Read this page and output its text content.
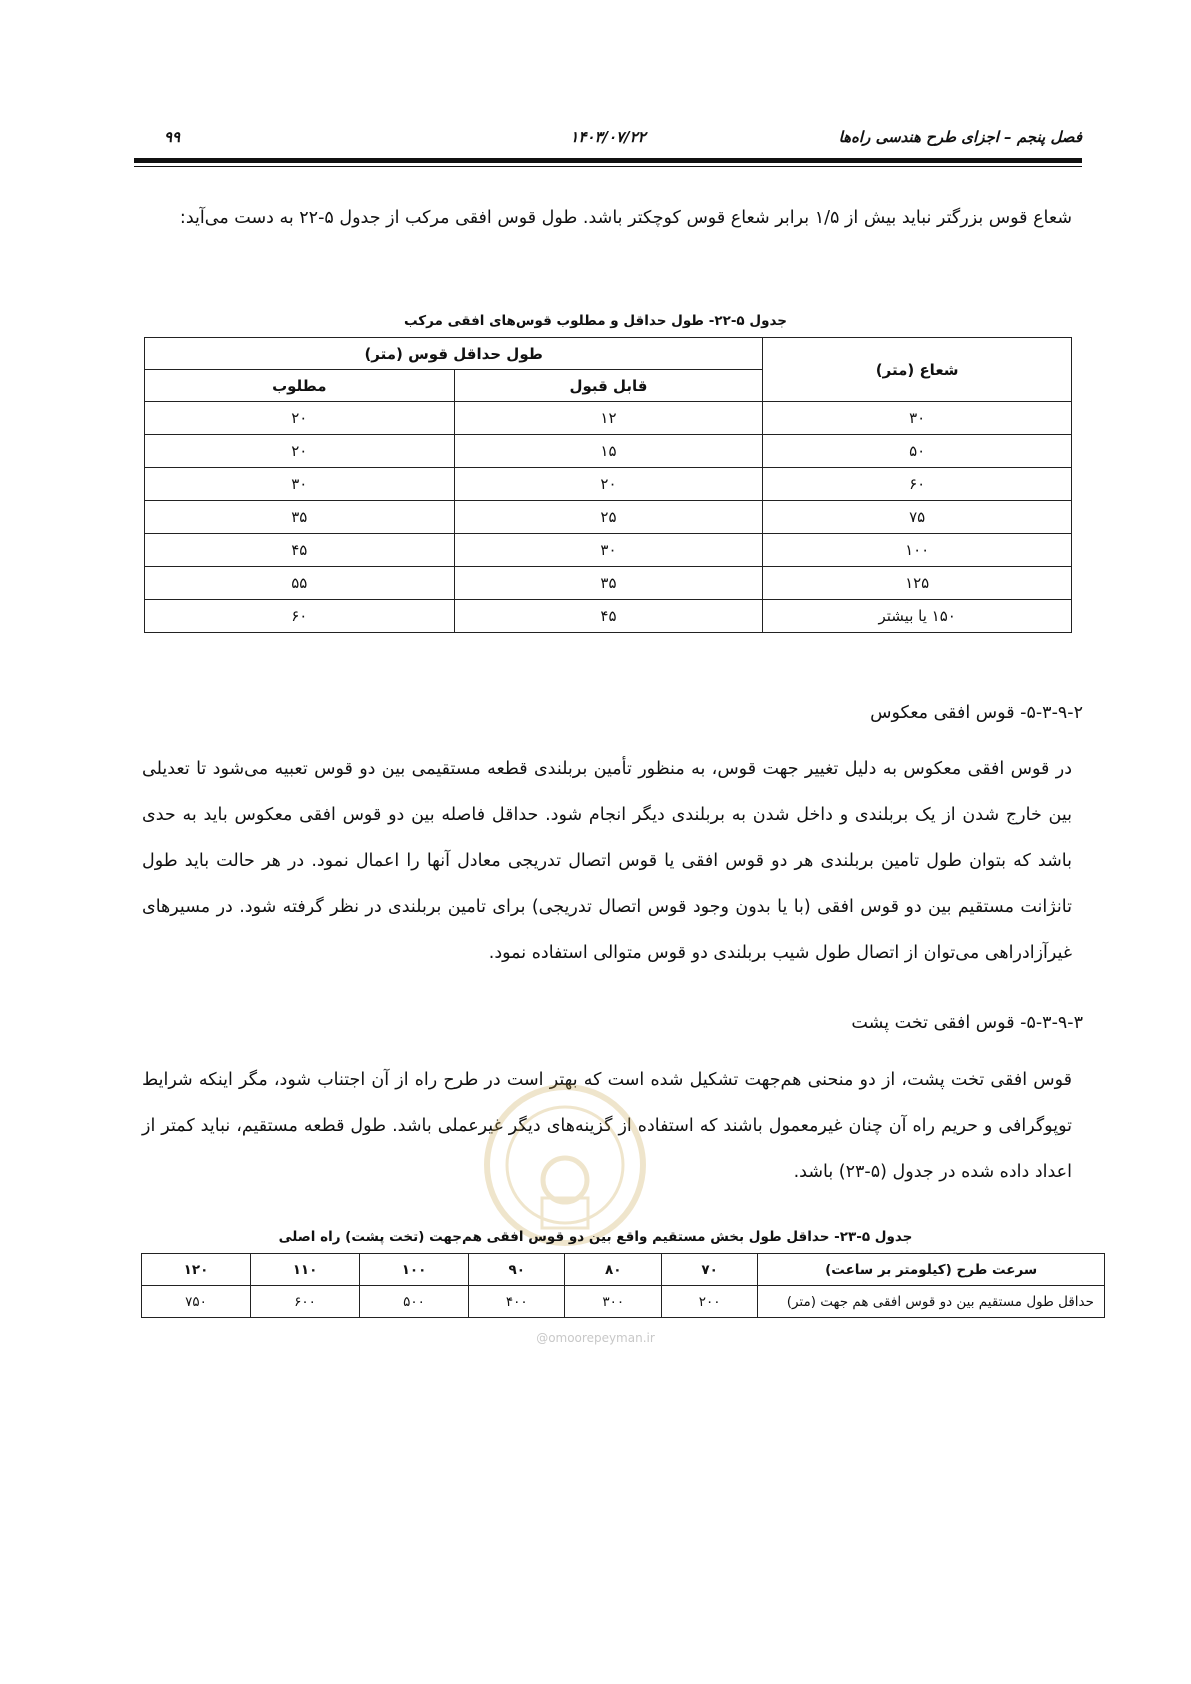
فصل پنجم – اجزای طرح هندسی راه‌ها
۱۴۰۳/۰۷/۲۲
۹۹

شعاع قوس بزرگتر نباید بیش از ۱/۵ برابر شعاع قوس کوچکتر باشد. طول قوس افقی مرکب از جدول ۵-۲۲ به دست می‌آید:

جدول ۵-۲۲- طول حداقل و مطلوب قوس‌های افقی مرکب
شعاع (متر)	طول حداقل قوس (متر)	
	قابل قبول	مطلوب
۳۰	۱۲	۲۰
۵۰	۱۵	۲۰
۶۰	۲۰	۳۰
۷۵	۲۵	۳۵
۱۰۰	۳۰	۴۵
۱۲۵	۳۵	۵۵
۱۵۰ یا بیشتر	۴۵	۶۰
۵-۳-۹-۲- قوس افقی معکوس

در قوس افقی معکوس به دلیل تغییر جهت قوس، به منظور تأمین بربلندی قطعه مستقیمی بین دو قوس تعبیه می‌شود تا تعدیلی بین خارج شدن از یک بربلندی و داخل شدن به بربلندی دیگر انجام شود. حداقل فاصله بین دو قوس افقی معکوس باید به حدی باشد که بتوان طول تامین بربلندی هر دو قوس افقی یا قوس اتصال تدریجی معادل آنها را اعمال نمود. در هر حالت باید طول تانژانت مستقیم بین دو قوس افقی (با یا بدون وجود قوس اتصال تدریجی) برای تامین بربلندی در نظر گرفته شود. در مسیرهای غیرآزادراهی می‌توان از اتصال طول شیب بربلندی دو قوس متوالی استفاده نمود.

۵-۳-۹-۳- قوس افقی تخت پشت

قوس افقی تخت پشت، از دو منحنی هم‌جهت تشکیل شده است که بهتر است در طرح راه از آن اجتناب شود، مگر اینکه شرایط توپوگرافی و حریم راه آن چنان غیرمعمول باشند که استفاده از گزینه‌های دیگر غیرعملی باشد. طول قطعه مستقیم، نباید کمتر از اعداد داده شده در جدول (۵-۲۳) باشد.

جدول ۵-۲۳- حداقل طول بخش مستقیم واقع بین دو قوس افقی هم‌جهت (تخت پشت) راه اصلی
سرعت طرح (کیلومتر بر ساعت)	۷۰	۸۰	۹۰	۱۰۰	۱۱۰	۱۲۰
حداقل طول مستقیم بین دو قوس افقی هم جهت (متر)	۲۰۰	۳۰۰	۴۰۰	۵۰۰	۶۰۰	۷۵۰
@omoorepeyman.ir
